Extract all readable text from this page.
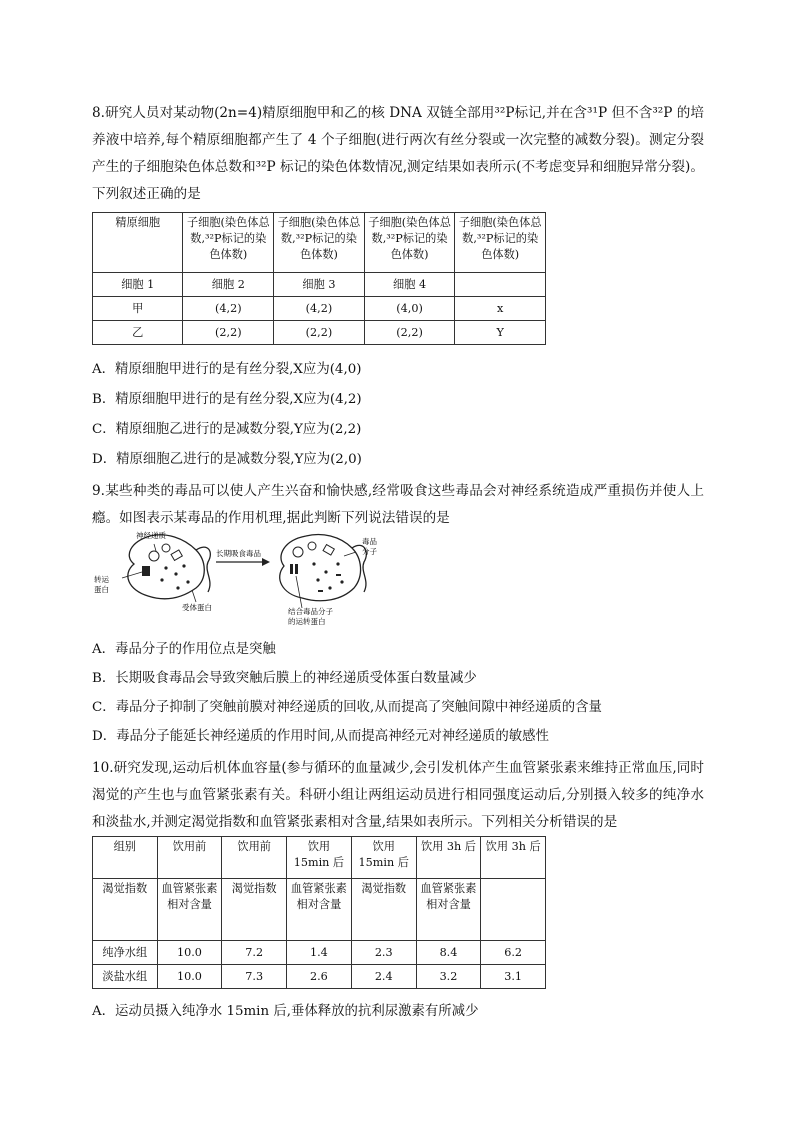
8.研究人员对某动物(2n=4)精原细胞甲和乙的核 DNA 双链全部用³²P标记,并在含³¹P 但不含³²P 的培养液中培养,每个精原细胞都产生了 4 个子细胞(进行两次有丝分裂或一次完整的减数分裂)。测定分裂产生的子细胞染色体总数和³²P 标记的染色体数情况,测定结果如表所示(不考虑变异和细胞异常分裂)。下列叙述正确的是
精原细胞	子细胞(染色体总数,³²P标记的染色体数)	子细胞(染色体总数,³²P标记的染色体数)	子细胞(染色体总数,³²P标记的染色体数)	子细胞(染色体总数,³²P标记的染色体数)
细胞 1	细胞 2	细胞 3	细胞 4	
甲	(4,2)	(4,2)	(4,0)	x
乙	(2,2)	(2,2)	(2,2)	Y
A．精原细胞甲进行的是有丝分裂,X应为(4,0)
B．精原细胞甲进行的是有丝分裂,X应为(4,2)
C．精原细胞乙进行的是减数分裂,Y应为(2,2)
D．精原细胞乙进行的是减数分裂,Y应为(2,0)
9.某些种类的毒品可以使人产生兴奋和愉快感,经常吸食这些毒品会对神经系统造成严重损伤并使人上瘾。如图表示某毒品的作用机理,据此判断下列说法错误的是
神经递质
转运
蛋白
受体蛋白
长期吸食毒品
毒品
分子
结合毒品分子
的运转蛋白
A．毒品分子的作用位点是突触
B．长期吸食毒品会导致突触后膜上的神经递质受体蛋白数量减少
C．毒品分子抑制了突触前膜对神经递质的回收,从而提高了突触间隙中神经递质的含量
D．毒品分子能延长神经递质的作用时间,从而提高神经元对神经递质的敏感性
10.研究发现,运动后机体血容量(参与循环的血量减少,会引发机体产生血管紧张素来维持正常血压,同时渴觉的产生也与血管紧张素有关。科研小组让两组运动员进行相同强度运动后,分别摄入较多的纯净水和淡盐水,并测定渴觉指数和血管紧张素相对含量,结果如表所示。下列相关分析错误的是
组别	饮用前	饮用前	饮用 15min 后	饮用 15min 后	饮用 3h 后	饮用 3h 后
渴觉指数	血管紧张素相对含量	渴觉指数	血管紧张素相对含量	渴觉指数	血管紧张素相对含量	
纯净水组	10.0	7.2	1.4	2.3	8.4	6.2
淡盐水组	10.0	7.3	2.6	2.4	3.2	3.1
A．运动员摄入纯净水 15min 后,垂体释放的抗利尿激素有所减少
